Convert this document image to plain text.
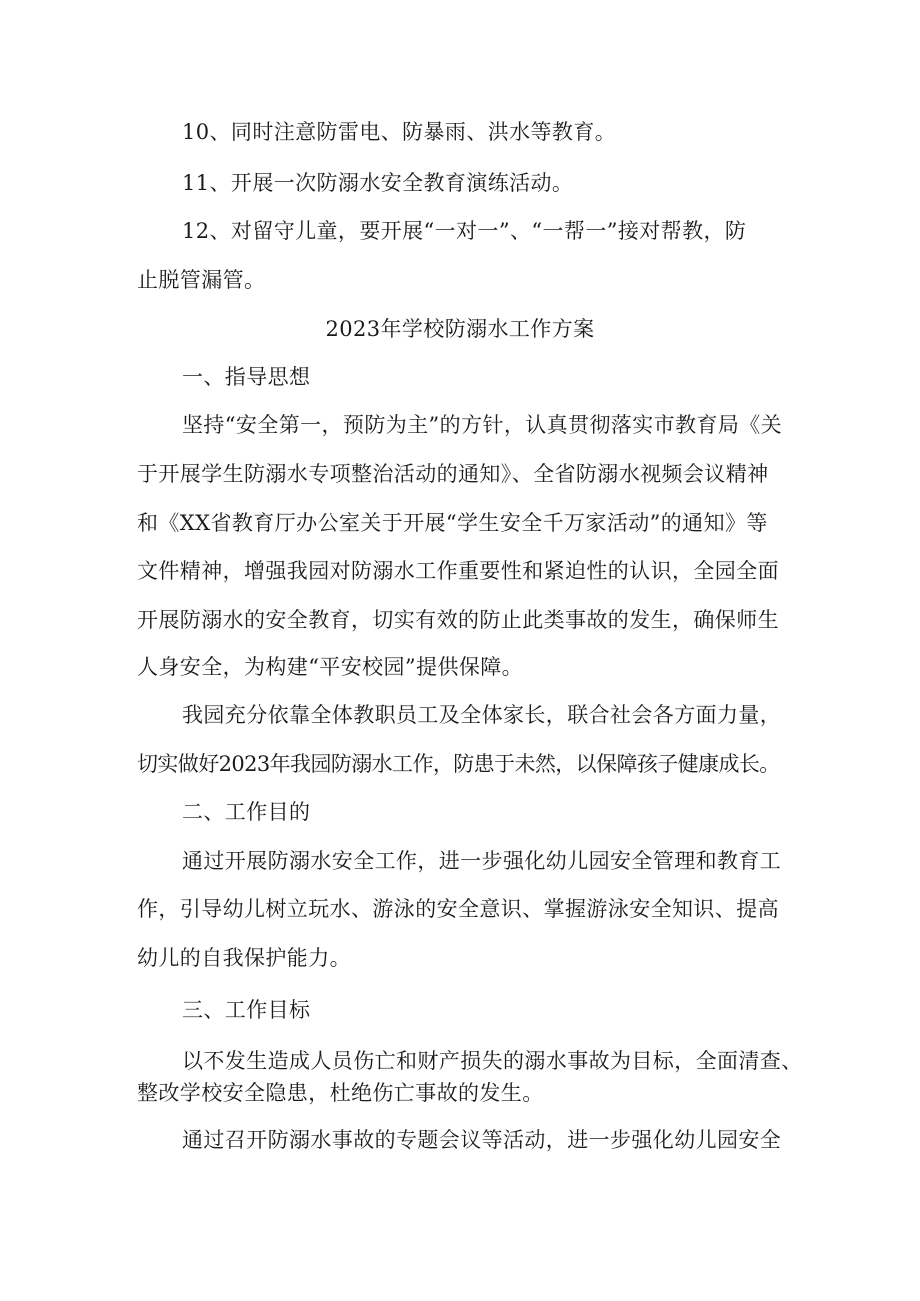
10、同时注意防雷电、防暴雨、洪水等教育。
11、开展一次防溺水安全教育演练活动。
12、对留守儿童，要开展“一对一”、“一帮一”接对帮教，防
止脱管漏管。
2023年学校防溺水工作方案
一、指导思想
坚持“安全第一，预防为主”的方针，认真贯彻落实市教育局《关
于开展学生防溺水专项整治活动的通知》、全省防溺水视频会议精神
和《XX省教育厅办公室关于开展“学生安全千万家活动”的通知》等
文件精神，增强我园对防溺水工作重要性和紧迫性的认识，全园全面
开展防溺水的安全教育，切实有效的防止此类事故的发生，确保师生
人身安全，为构建“平安校园”提供保障。
我园充分依靠全体教职员工及全体家长，联合社会各方面力量，
切实做好2023年我园防溺水工作，防患于未然，以保障孩子健康成长。
二、工作目的
通过开展防溺水安全工作，进一步强化幼儿园安全管理和教育工
作，引导幼儿树立玩水、游泳的安全意识、掌握游泳安全知识、提高
幼儿的自我保护能力。
三、工作目标
以不发生造成人员伤亡和财产损失的溺水事故为目标，全面清查、
整改学校安全隐患，杜绝伤亡事故的发生。
通过召开防溺水事故的专题会议等活动，进一步强化幼儿园安全
